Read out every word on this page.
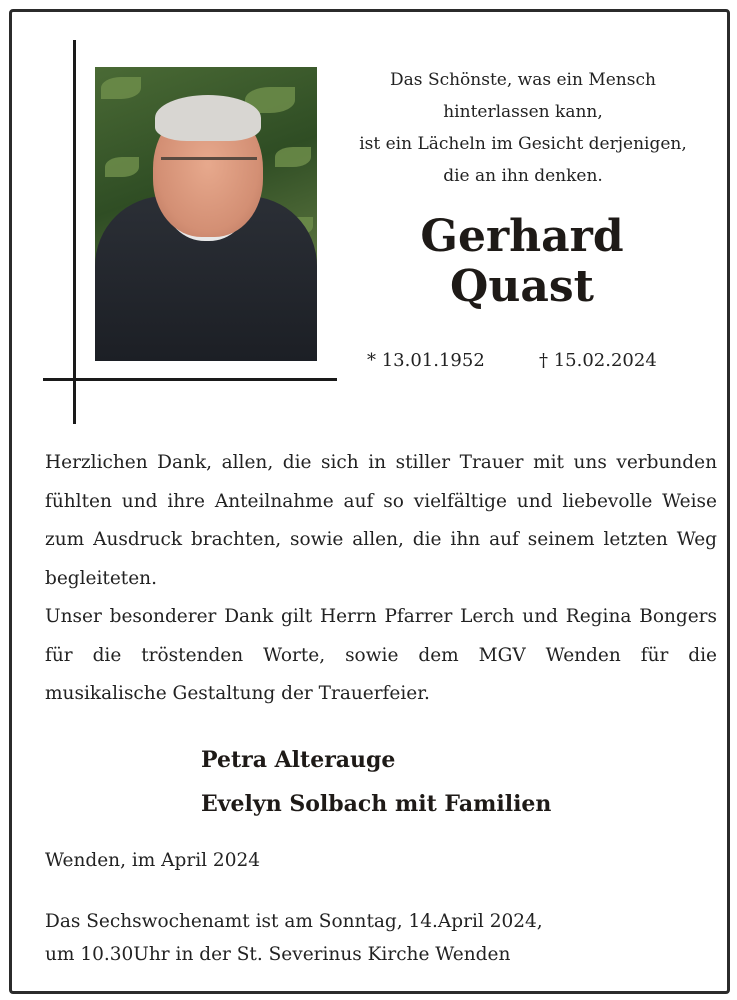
Das Schönste, was ein Mensch
hinterlassen kann,
ist ein Lächeln im Gesicht derjenigen,
die an ihn denken.
Gerhard
Quast
* 13.01.1952	† 15.02.2024

Herzlichen Dank, allen, die sich in stiller Trauer mit uns verbunden fühlten und ihre Anteilnahme auf so vielfältige und liebevolle Weise zum Ausdruck brachten, sowie allen, die ihn auf seinem letzten Weg begleiteten.

Unser besonderer Dank gilt Herrn Pfarrer Lerch und Regina Bongers für die tröstenden Worte, sowie dem MGV Wenden für die musikalische Gestaltung der Trauerfeier.

Petra Alterauge
Evelyn Solbach mit Familien
Wenden, im April 2024

Das Sechswochenamt ist am Sonntag, 14.April 2024,

um 10.30Uhr in der St. Severinus Kirche Wenden
